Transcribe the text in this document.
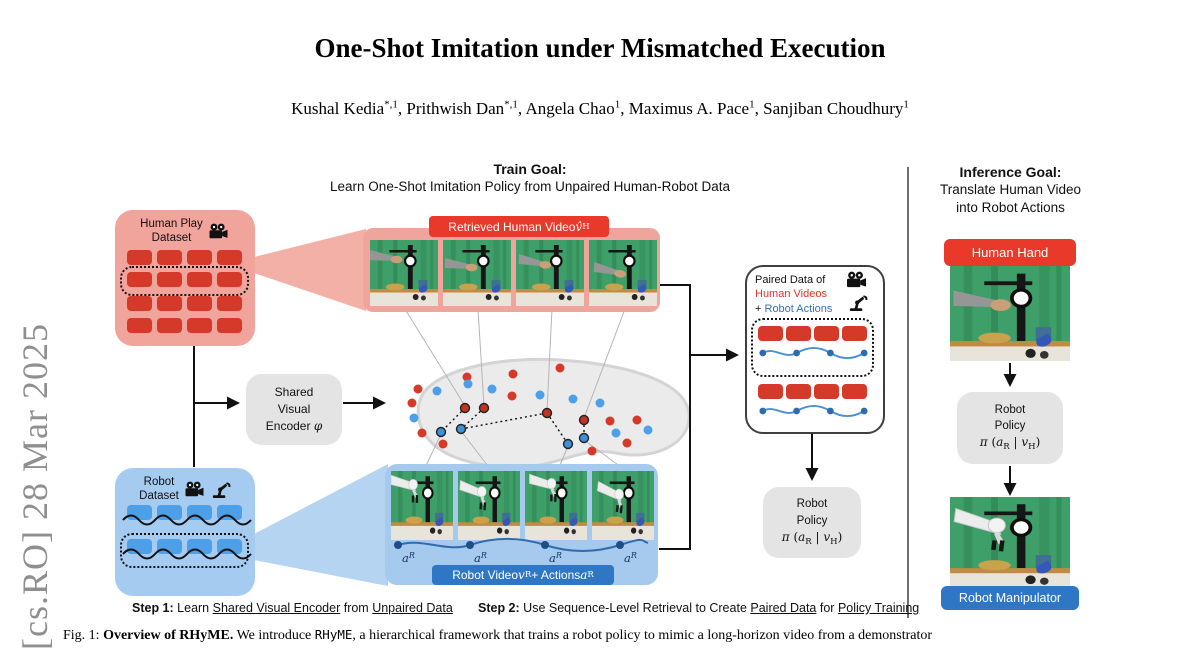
One-Shot Imitation under Mismatched Execution
Kushal Kedia$^{*,1}$, Prithwish Dan$^{*,1}$, Angela Chao$^1$, Maximus A. Pace$^1$, Sanjiban Choudhury$^1$
[cs.RO] 28 Mar 2025
Train Goal:
Learn One-Shot Imitation Policy from Unpaired Human-Robot Data
Inference Goal:
Translate Human Video
into Robot Actions
Human Play
Dataset
Robot
Dataset
Retrieved Human Video v̂ H
Shared
Visual
Encoder φ
$a^R$	$a^R$	$a^R$	$a^R$
Robot Video v R + Actions a R
Paired Data of
Human Videos
+ Robot Actions
Robot
Policy
π ($a_R$ | $v_H$)
Human Hand
Robot
Policy
π ($a_R$ | $v_H$)
Robot Manipulator
Step 1: Learn Shared Visual Encoder from Unpaired Data Step 2: Use Sequence-Level Retrieval to Create Paired Data for Policy Training
Fig. 1: Overview of RHyME. We introduce RHyME, a hierarchical framework that trains a robot policy to mimic a long-horizon video from a demonstrator
